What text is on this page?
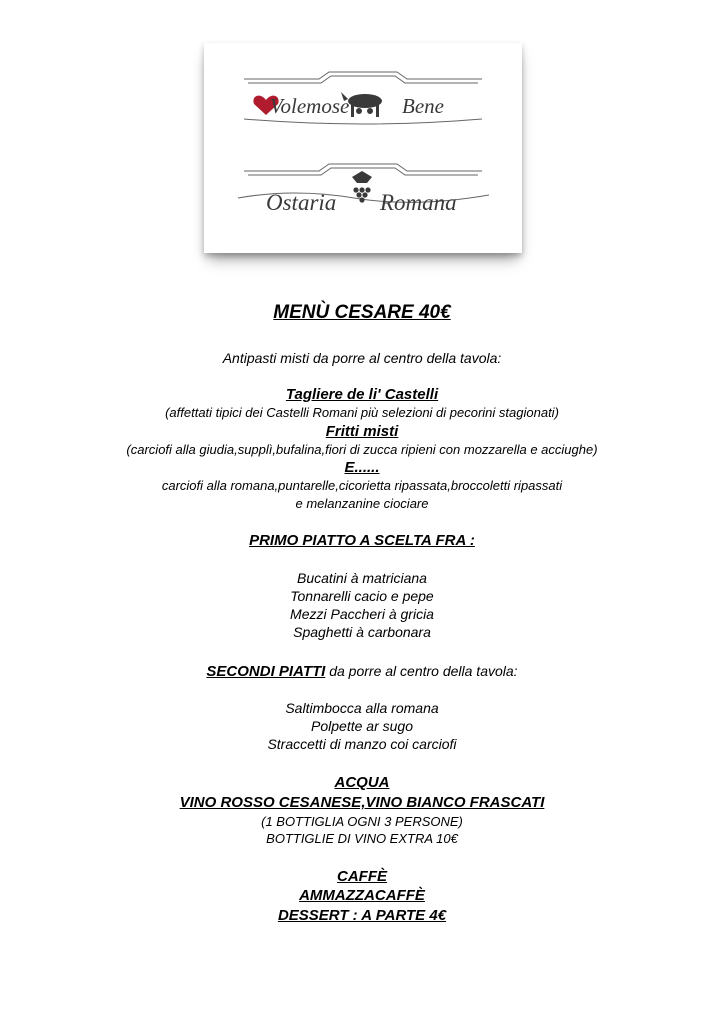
Volemose	Bene
Ostaria Romana
MENÙ CESARE 40€
Antipasti misti da porre al centro della tavola:
Tagliere de li' Castelli
(affettati tipici dei Castelli Romani più selezioni di pecorini stagionati)
Fritti misti
(carciofi alla giudia,supplì,bufalina,fiori di zucca ripieni con mozzarella e acciughe)
E......
carciofi alla romana,puntarelle,cicorietta ripassata,broccoletti ripassati
e melanzanine ciociare
PRIMO PIATTO A SCELTA FRA :
Bucatini à matriciana
Tonnarelli cacio e pepe
Mezzi Paccheri à gricia
Spaghetti à carbonara
SECONDI PIATTI da porre al centro della tavola:
Saltimbocca alla romana
Polpette ar sugo
Straccetti di manzo coi carciofi
ACQUA
VINO ROSSO CESANESE,VINO BIANCO FRASCATI
(1 BOTTIGLIA OGNI 3 PERSONE)
BOTTIGLIE DI VINO EXTRA 10€
CAFFÈ
AMMAZZACAFFÈ
DESSERT : A PARTE 4€
